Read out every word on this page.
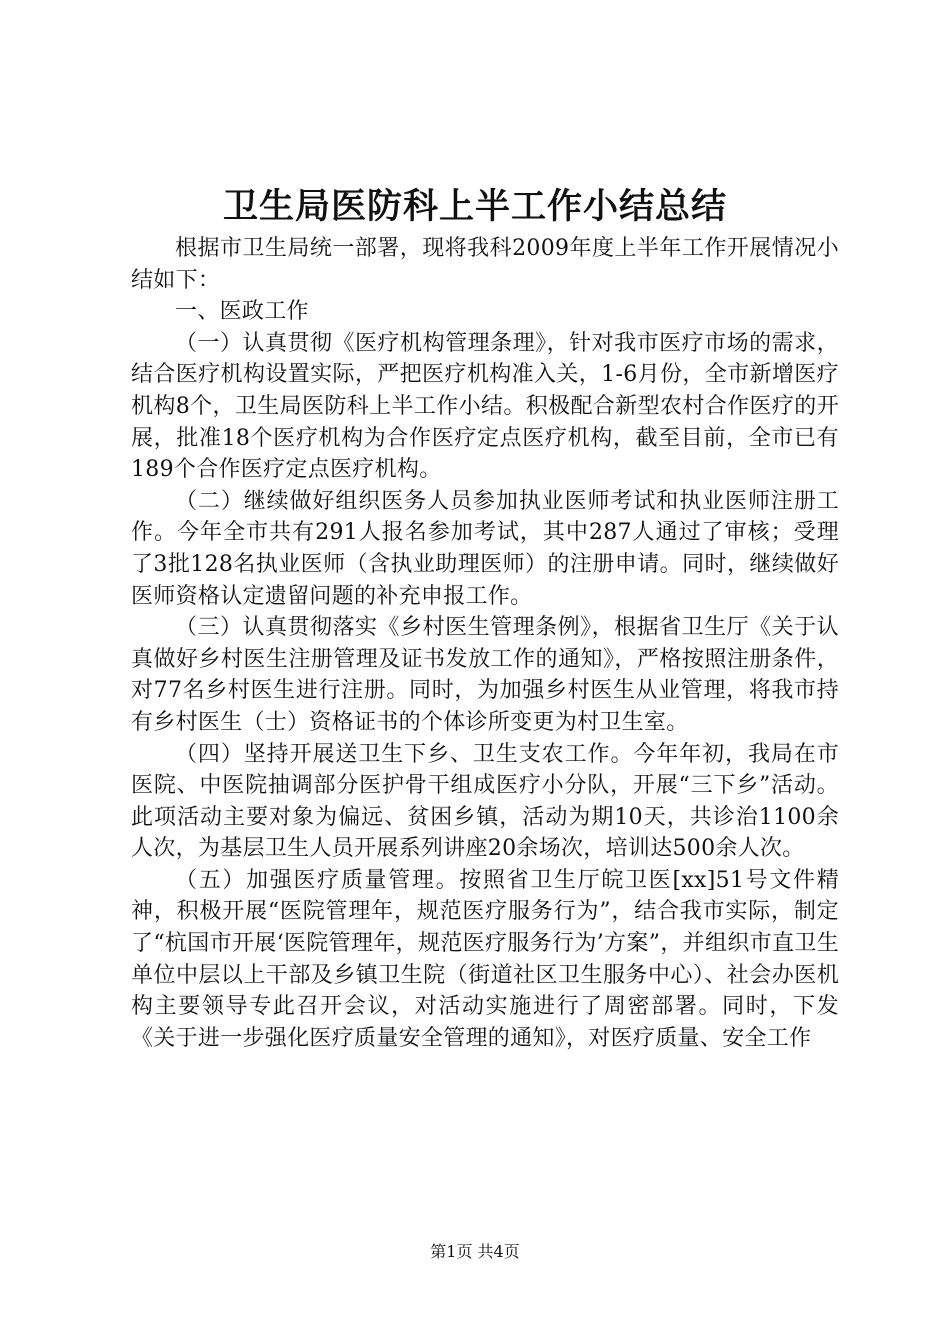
卫生局医防科上半工作小结总结

根据市卫生局统一部署，现将我科2009年度上半年工作开展情况小结如下：

一、医政工作

（一）认真贯彻《医疗机构管理条理》，针对我市医疗市场的需求，结合医疗机构设置实际，严把医疗机构准入关，1-6月份，全市新增医疗机构8个，卫生局医防科上半工作小结。积极配合新型农村合作医疗的开展，批准18个医疗机构为合作医疗定点医疗机构，截至目前，全市已有189个合作医疗定点医疗机构。

（二）继续做好组织医务人员参加执业医师考试和执业医师注册工作。今年全市共有291人报名参加考试，其中287人通过了审核；受理了3批128名执业医师（含执业助理医师）的注册申请。同时，继续做好医师资格认定遗留问题的补充申报工作。

（三）认真贯彻落实《乡村医生管理条例》，根据省卫生厅《关于认真做好乡村医生注册管理及证书发放工作的通知》，严格按照注册条件，对77名乡村医生进行注册。同时，为加强乡村医生从业管理，将我市持有乡村医生（士）资格证书的个体诊所变更为村卫生室。

（四）坚持开展送卫生下乡、卫生支农工作。今年年初，我局在市医院、中医院抽调部分医护骨干组成医疗小分队，开展“三下乡”活动。此项活动主要对象为偏远、贫困乡镇，活动为期10天，共诊治1100余人次，为基层卫生人员开展系列讲座20余场次，培训达500余人次。

（五）加强医疗质量管理。按照省卫生厅皖卫医[xx]51号文件精神，积极开展“医院管理年，规范医疗服务行为”，结合我市实际，制定了“杭国市开展‘医院管理年，规范医疗服务行为’方案”，并组织市直卫生单位中层以上干部及乡镇卫生院（街道社区卫生服务中心）、社会办医机构主要领导专此召开会议，对活动实施进行了周密部署。同时，下发《关于进一步强化医疗质量安全管理的通知》，对医疗质量、安全工作

第1页 共4页
